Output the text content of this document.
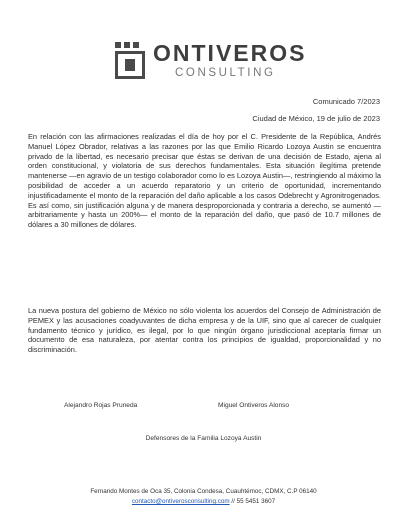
ONTIVEROS
CONSULTING
Comunicado 7/2023
Ciudad de México, 19 de julio de 2023
En relación con las afirmaciones realizadas el día de hoy por el C. Presidente de la República, Andrés Manuel López Obrador, relativas a las razones por las que Emilio Ricardo Lozoya Austin se encuentra privado de la libertad, es necesario precisar que éstas se derivan de una decisión de Estado, ajena al orden constitucional, y violatoria de sus derechos fundamentales. Esta situación ilegítima pretende mantenerse —en agravio de un testigo colaborador como lo es Lozoya Austin—, restringiendo al máximo la posibilidad de acceder a un acuerdo reparatorio y un criterio de oportunidad, incrementando injustificadamente el monto de la reparación del daño aplicable a los casos Odebrecht y Agronitrogenados. Es así como, sin justificación alguna y de manera desproporcionada y contraria a derecho, se aumentó —arbitrariamente y hasta un 200%— el monto de la reparación del daño, que pasó de 10.7 millones de dólares a 30 millones de dólares.
La nueva postura del gobierno de México no sólo violenta los acuerdos del Consejo de Administración de PEMEX y las acusaciones coadyuvantes de dicha empresa y de la UIF, sino que al carecer de cualquier fundamento técnico y jurídico, es ilegal, por lo que ningún órgano jurisdiccional aceptaría firmar un documento de esa naturaleza, por atentar contra los principios de igualdad, proporcionalidad y no discriminación.
Alejandro Rojas Pruneda	Miguel Ontiveros Alonso
Defensores de la Familia Lozoya Austin
Fernando Montes de Oca 35, Colonia Condesa, Cuauhtémoc, CDMX, C.P 06140
contacto@ontiverosconsulting.com // 55 5451 3607
